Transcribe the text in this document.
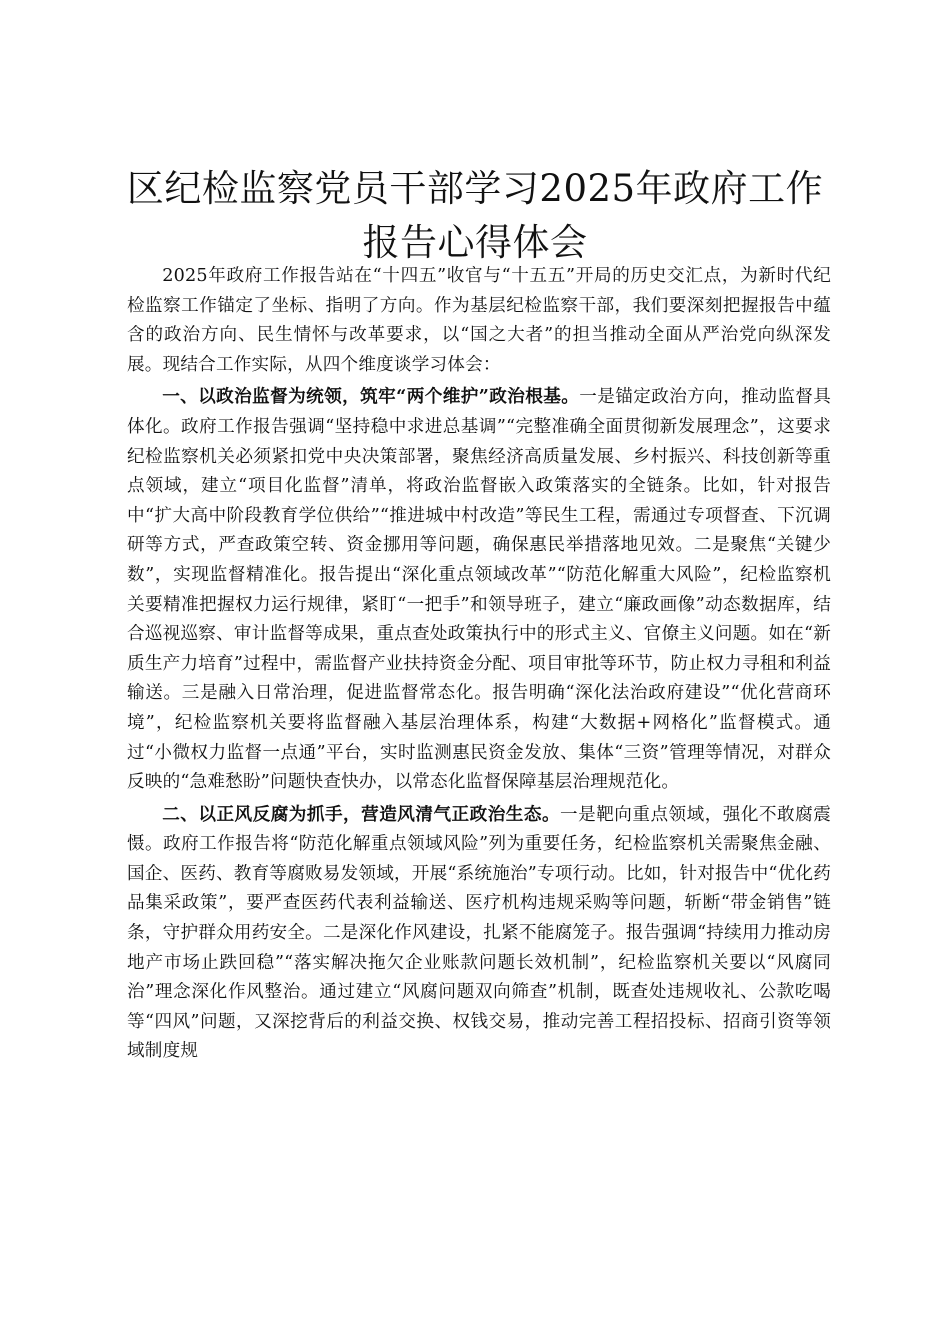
区纪检监察党员干部学习2025年政府工作报告心得体会

2025年政府工作报告站在“十四五”收官与“十五五”开局的历史交汇点，为新时代纪检监察工作锚定了坐标、指明了方向。作为基层纪检监察干部，我们要深刻把握报告中蕴含的政治方向、民生情怀与改革要求，以“国之大者”的担当推动全面从严治党向纵深发展。现结合工作实际，从四个维度谈学习体会：

一、以政治监督为统领，筑牢“两个维护”政治根基。一是锚定政治方向，推动监督具体化。政府工作报告强调“坚持稳中求进总基调”“完整准确全面贯彻新发展理念”，这要求纪检监察机关必须紧扣党中央决策部署，聚焦经济高质量发展、乡村振兴、科技创新等重点领域，建立“项目化监督”清单，将政治监督嵌入政策落实的全链条。比如，针对报告中“扩大高中阶段教育学位供给”“推进城中村改造”等民生工程，需通过专项督查、下沉调研等方式，严查政策空转、资金挪用等问题，确保惠民举措落地见效。二是聚焦“关键少数”，实现监督精准化。报告提出“深化重点领域改革”“防范化解重大风险”，纪检监察机关要精准把握权力运行规律，紧盯“一把手”和领导班子，建立“廉政画像”动态数据库，结合巡视巡察、审计监督等成果，重点查处政策执行中的形式主义、官僚主义问题。如在“新质生产力培育”过程中，需监督产业扶持资金分配、项目审批等环节，防止权力寻租和利益输送。三是融入日常治理，促进监督常态化。报告明确“深化法治政府建设”“优化营商环境”，纪检监察机关要将监督融入基层治理体系，构建“大数据+网格化”监督模式。通过“小微权力监督一点通”平台，实时监测惠民资金发放、集体“三资”管理等情况，对群众反映的“急难愁盼”问题快查快办，以常态化监督保障基层治理规范化。

二、以正风反腐为抓手，营造风清气正政治生态。一是靶向重点领域，强化不敢腐震慑。政府工作报告将“防范化解重点领域风险”列为重要任务，纪检监察机关需聚焦金融、国企、医药、教育等腐败易发领域，开展“系统施治”专项行动。比如，针对报告中“优化药品集采政策”，要严查医药代表利益输送、医疗机构违规采购等问题，斩断“带金销售”链条，守护群众用药安全。二是深化作风建设，扎紧不能腐笼子。报告强调“持续用力推动房地产市场止跌回稳”“落实解决拖欠企业账款问题长效机制”，纪检监察机关要以“风腐同治”理念深化作风整治。通过建立“风腐问题双向筛查”机制，既查处违规收礼、公款吃喝等“四风”问题，又深挖背后的利益交换、权钱交易，推动完善工程招投标、招商引资等领域制度规
